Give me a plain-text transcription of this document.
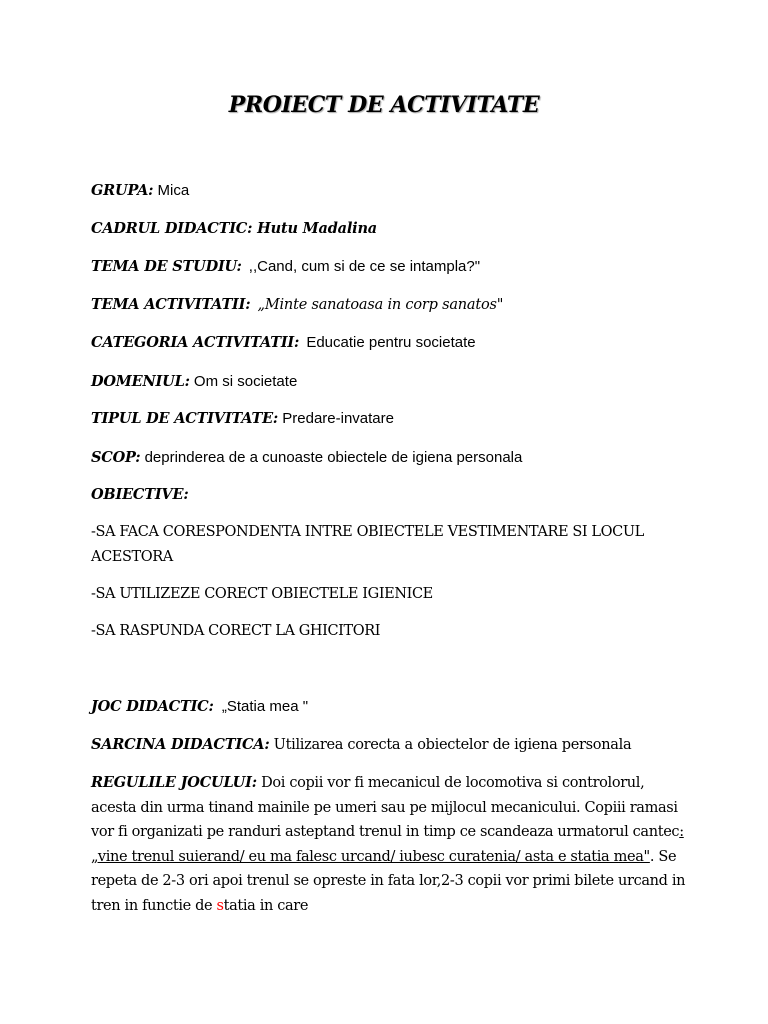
PROIECT DE ACTIVITATE
GRUPA: Mica
CADRUL DIDACTIC: Hutu Madalina
TEMA DE STUDIU: ,,Cand, cum si de ce se intampla?"
TEMA ACTIVITATII: „Minte sanatoasa in corp sanatos"
CATEGORIA ACTIVITATII: Educatie pentru societate
DOMENIUL: Om si societate
TIPUL DE ACTIVITATE: Predare-invatare
SCOP: deprinderea de a cunoaste obiectele de igiena personala
OBIECTIVE:
-SA FACA CORESPONDENTA INTRE OBIECTELE VESTIMENTARE SI LOCUL
ACESTORA
-SA UTILIZEZE CORECT OBIECTELE IGIENICE
-SA RASPUNDA CORECT LA GHICITORI
JOC DIDACTIC: „Statia mea "
SARCINA DIDACTICA: Utilizarea corecta a obiectelor de igiena personala
REGULILE JOCULUI: Doi copii vor fi mecanicul de locomotiva si controlorul, acesta din urma tinand mainile pe umeri sau pe mijlocul mecanicului. Copiii ramasi vor fi organizati pe randuri asteptand trenul in timp ce scandeaza urmatorul cantec: „vine trenul suierand/ eu ma falesc urcand/ iubesc curatenia/ asta e statia mea". Se repeta de 2-3 ori apoi trenul se opreste in fata lor,2-3 copii vor primi bilete urcand in tren in functie de statia in care
